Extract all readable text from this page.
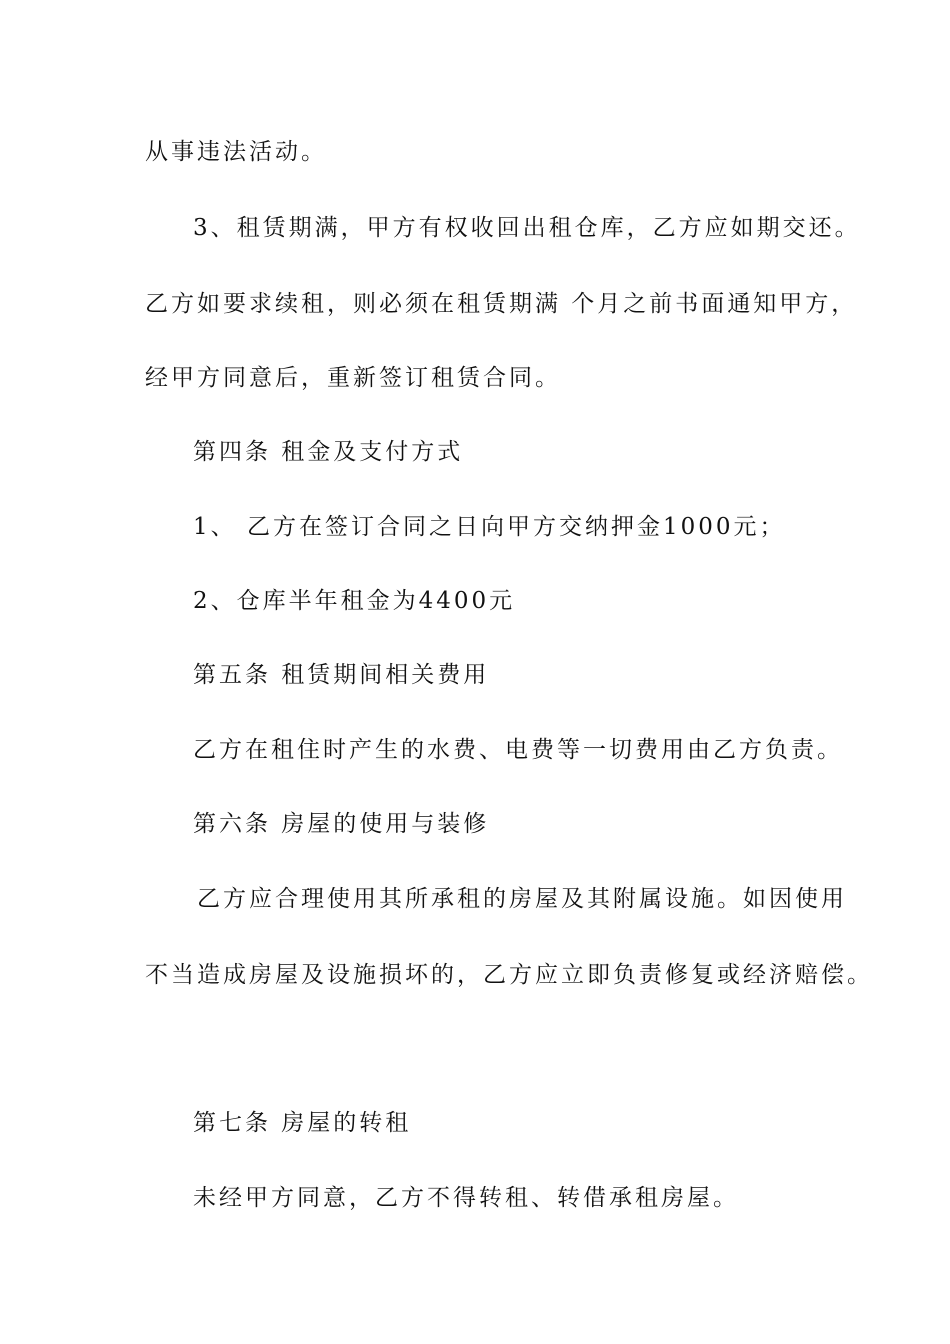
从事违法活动。
3、租赁期满，甲方有权收回出租仓库，乙方应如期交还。
乙方如要求续租，则必须在租赁期满 个月之前书面通知甲方，
经甲方同意后，重新签订租赁合同。
第四条 租金及支付方式
1、 乙方在签订合同之日向甲方交纳押金1000元；
2、仓库半年租金为4400元
第五条 租赁期间相关费用
乙方在租住时产生的水费、电费等一切费用由乙方负责。
第六条 房屋的使用与装修
乙方应合理使用其所承租的房屋及其附属设施。如因使用
不当造成房屋及设施损坏的，乙方应立即负责修复或经济赔偿。
第七条 房屋的转租
未经甲方同意，乙方不得转租、转借承租房屋。
